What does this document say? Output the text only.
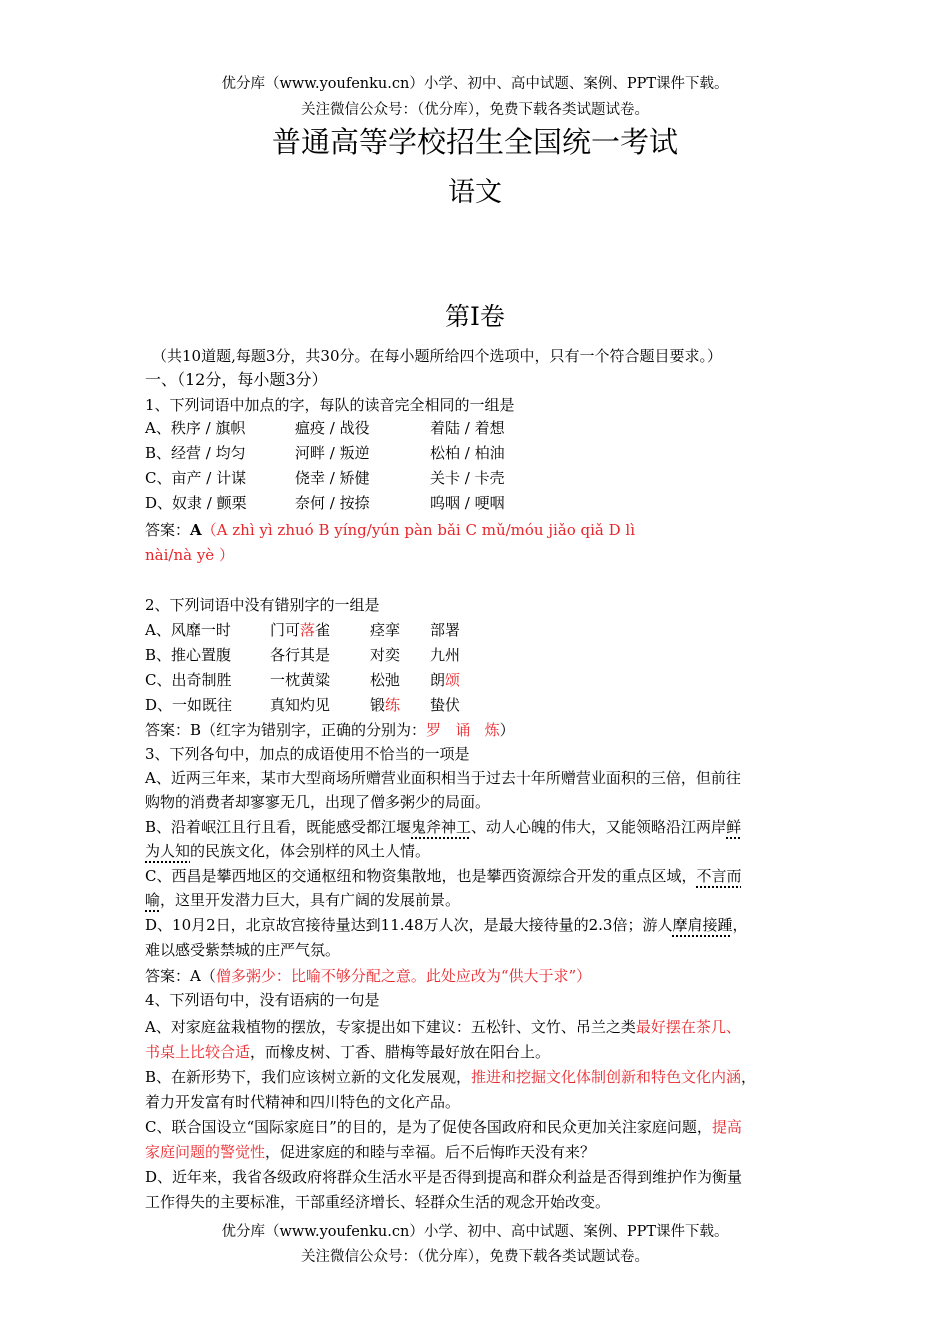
优分库（www.youfenku.cn）小学、初中、高中试题、案例、PPT课件下载。
关注微信公众号：（优分库），免费下载各类试题试卷。
普通高等学校招生全国统一考试
语文
第Ⅰ卷
（共10道题,每题3分，共30分。在每小题所给四个选项中，只有一个符合题目要求。）
一、（12分，每小题3分）
1、下列词语中加点的字，每队的读音完全相同的一组是
A、秩序 / 旗帜	瘟疫 / 战役	着陆 / 着想
B、经营 / 均匀	河畔 / 叛逆	松柏 / 柏油
C、亩产 / 计谋	侥幸 / 矫健	关卡 / 卡壳
D、奴隶 / 颤栗	奈何 / 按捺	呜咽 / 哽咽
答案：A（A zhì yì zhuó B yíng/yún pàn bǎi C mǔ/móu jiǎo qiǎ D lì
nài/nà yè ）
2、下列词语中没有错别字的一组是
A、风靡一时	门可落雀	痉挛 部署
B、推心置腹	各行其是	对奕 九州
C、出奇制胜	一枕黄粱	松弛 朗颂
D、一如既往	真知灼见	锻练 蛰伏
答案：B（红字为错别字，正确的分别为：罗   诵   炼）
3、下列各句中，加点的成语使用不恰当的一项是
A、近两三年来，某市大型商场所赠营业面积相当于过去十年所赠营业面积的三倍，但前往
购物的消费者却寥寥无几，出现了僧多粥少的局面。
B、沿着岷江且行且看，既能感受都江堰鬼斧神工、动人心魄的伟大，又能领略沿江两岸鲜
为人知的民族文化，体会别样的风土人情。
C、西昌是攀西地区的交通枢纽和物资集散地，也是攀西资源综合开发的重点区域，不言而
喻，这里开发潜力巨大，具有广阔的发展前景。
D、10月2日，北京故宫接待量达到11.48万人次，是最大接待量的2.3倍；游人摩肩接踵，
难以感受紫禁城的庄严气氛。
答案：A（僧多粥少：比喻不够分配之意。此处应改为“供大于求”）
4、下列语句中，没有语病的一句是
A、对家庭盆栽植物的摆放，专家提出如下建议：五松针、文竹、吊兰之类最好摆在茶几、
书桌上比较合适，而橡皮树、丁香、腊梅等最好放在阳台上。
B、在新形势下，我们应该树立新的文化发展观，推进和挖掘文化体制创新和特色文化内涵，
着力开发富有时代精神和四川特色的文化产品。
C、联合国设立“国际家庭日”的目的，是为了促使各国政府和民众更加关注家庭问题，提高
家庭问题的警觉性，促进家庭的和睦与幸福。后不后悔昨天没有来？
D、近年来，我省各级政府将群众生活水平是否得到提高和群众利益是否得到维护作为衡量
工作得失的主要标准，干部重经济增长、轻群众生活的观念开始改变。
优分库（www.youfenku.cn）小学、初中、高中试题、案例、PPT课件下载。
关注微信公众号：（优分库），免费下载各类试题试卷。
